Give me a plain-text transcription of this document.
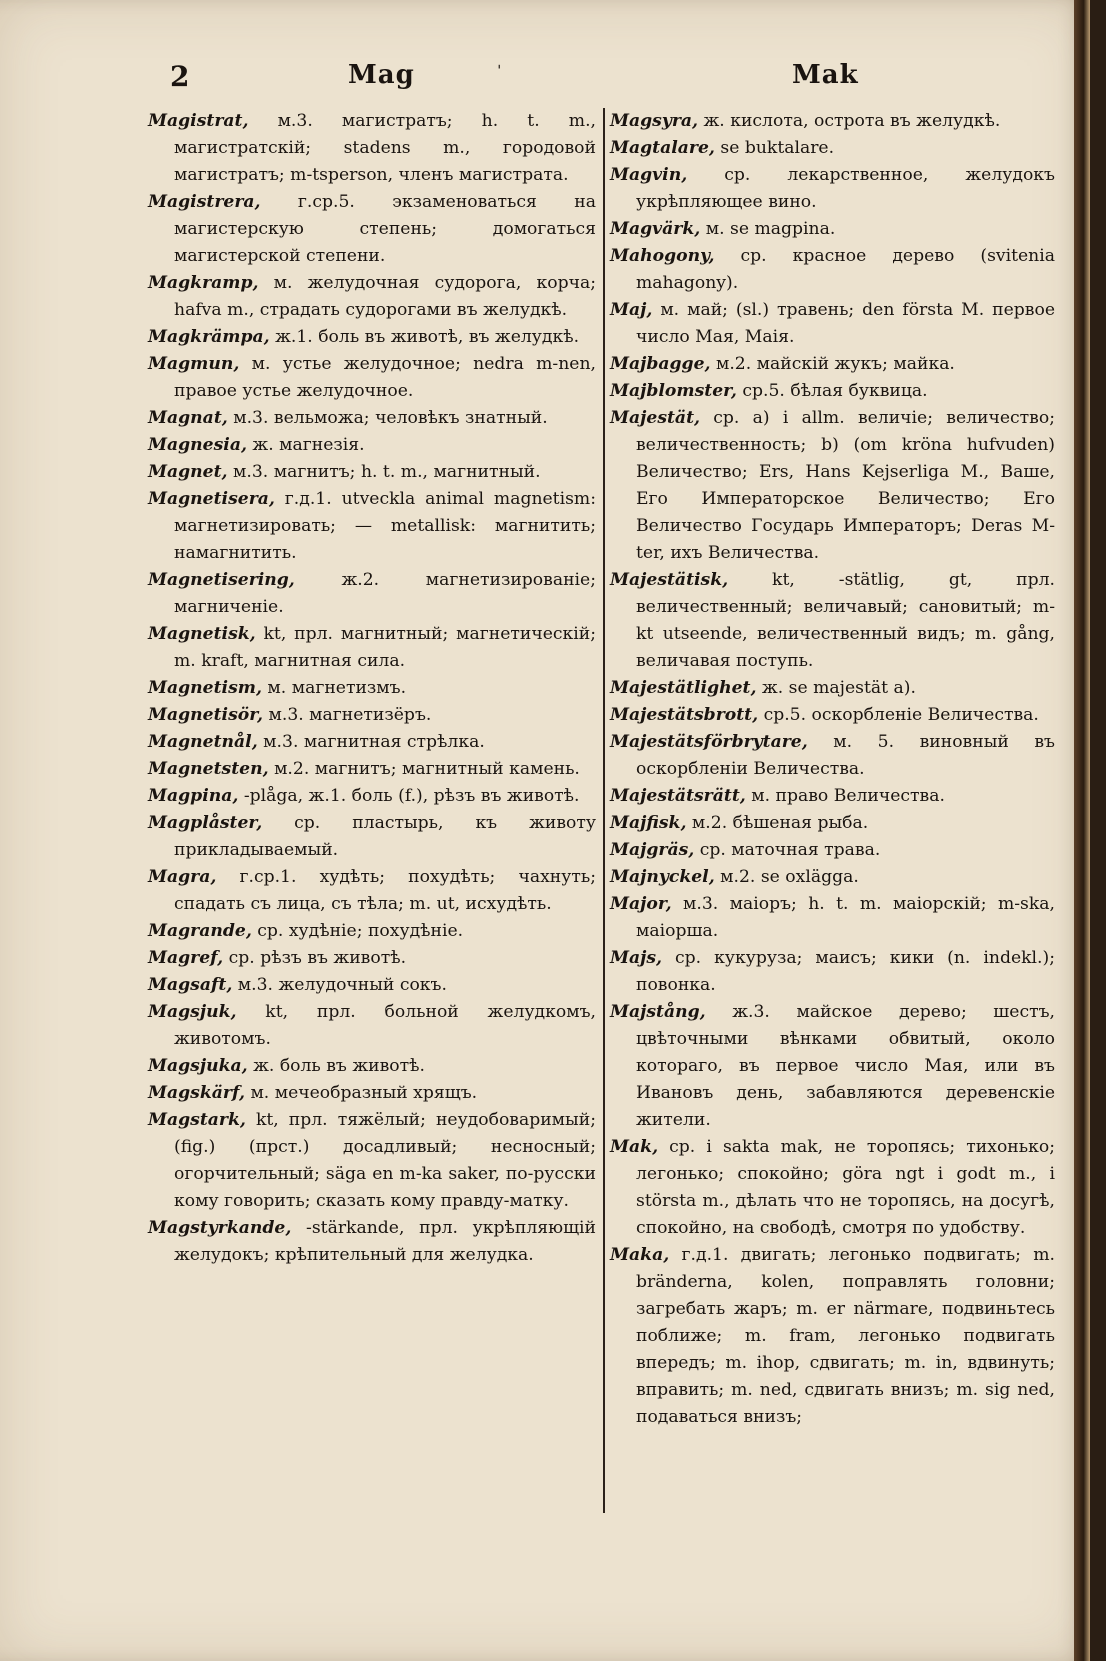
2	Mag	ˈ	Mak
Magistrat, м.3. магистратъ; h. t. m., магистратскій; stadens m., городовой магистратъ; m-tsperson, членъ магистрата.
Magistrera, г.ср.5. экзаменоваться на магистерскую степень; домогаться магистерской степени.
Magkramp, м. желудочная судорога, корча; hafva m., страдать судорогами въ желудкѣ.
Magkrämpa, ж.1. боль въ животѣ, въ желудкѣ.
Magmun, м. устье желудочное; nedra m-nen, правое устье желудочное.
Magnat, м.3. вельможа; человѣкъ знатный.
Magnesia, ж. магнезія.
Magnet, м.3. магнитъ; h. t. m., магнитный.
Magnetisera, г.д.1. utveckla animal magnetism: магнетизировать; — metallisk: магнитить; намагнитить.
Magnetisering,	ж.2. магнетизированіе; магниченіе.
Magnetisk, kt, прл. магнитный; магнетическій; m. kraft, магнитная сила.
Magnetism, м. магнетизмъ.
Magnetisör, м.3. магнетизёръ.
Magnetnål, м.3. магнитная стрѣлка.
Magnetsten, м.2. магнитъ; магнитный камень.
Magpina, -plåga, ж.1. боль (f.), рѣзъ въ животѣ.
Magplåster, ср. пластырь, къ животу прикладываемый.
Magra, г.ср.1. худѣть; похудѣть; чахнуть; спадать съ лица, съ тѣла; m. ut, исхудѣть.
Magrande, ср. худѣніе; похудѣніе.
Magref, ср. рѣзъ въ животѣ.
Magsaft, м.3. желудочный сокъ.
Magsjuk, kt, прл. больной желудкомъ, животомъ.
Magsjuka, ж. боль въ животѣ.
Magskärf, м. мечеобразный хрящъ.
Magstark, kt, прл. тяжёлый; неудобоваримый; (fig.) (прст.) досадливый; несносный; огорчительный; säga en m-ka saker, по-русски кому говорить; сказать кому правду-матку.
Magstyrkande, -stärkande, прл. укрѣпляющій желудокъ; крѣпительный для желудка.
Magsyra, ж. кислота, острота въ желудкѣ.
Magtalare, se buktalare.
Magvin, ср. лекарственное, желудокъ укрѣпляющее вино.
Magvärk, м. se magpina.
Mahogony, ср. красное дерево (svitenia mahagony).
Maj, м. май; (sl.) травень; den första M. первое число Мая, Маія.
Majbagge, м.2. майскій жукъ; майка.
Majblomster, ср.5. бѣлая буквица.
Majestät, ср. a) i allm. величіе; величество; величественность; b) (om kröna hufvuden) Величество; Ers, Hans Kejserliga M., Ваше, Его Императорское Величество; Его Величество Государь Императоръ; Deras M-ter, ихъ Величества.
Majestätisk,	kt, -stätlig, gt, прл. величественный; величавый; сановитый; m-kt utseende, величественный видъ; m. gång, величавая поступь.
Majestätlighet, ж. se majestät a).
Majestätsbrott, ср.5. оскорбленіе Величества.
Majestätsförbrytare, м. 5. виновный въ оскорбленіи Величества.
Majestätsrätt, м. право Величества.
Majfisk, м.2. бѣшеная рыба.
Majgräs, ср. маточная трава.
Majnyckel, м.2. se oxlägga.
Major, м.3. маіоръ; h. t. m. маіорскій; m-ska, маіорша.
Majs, ср. кукуруза; маисъ; кики (n. indekl.); повонка.
Majstång, ж.3. майское дерево; шестъ, цвѣточными вѣнками обвитый, около котораго, въ первое число Мая, или въ Ивановъ день, забавляются деревенскіе жители.
Mak, ср. i sakta mak, не торопясь; тихонько; легонько; спокойно; göra ngt i godt m., i största m., дѣлать что не торопясь, на досугѣ, спокойно, на свободѣ, смотря по удобству.
Maka, г.д.1. двигать; легонько подвигать; m. bränderna, kolen, поправлять головни; загребать жаръ; m. er närmare, подвиньтесь поближе; m. fram, легонько подвигать впередъ; m. ihop, сдвигать; m. in, вдвинуть; вправить; m. ned, сдвигать внизъ; m. sig ned, подаваться внизъ;
